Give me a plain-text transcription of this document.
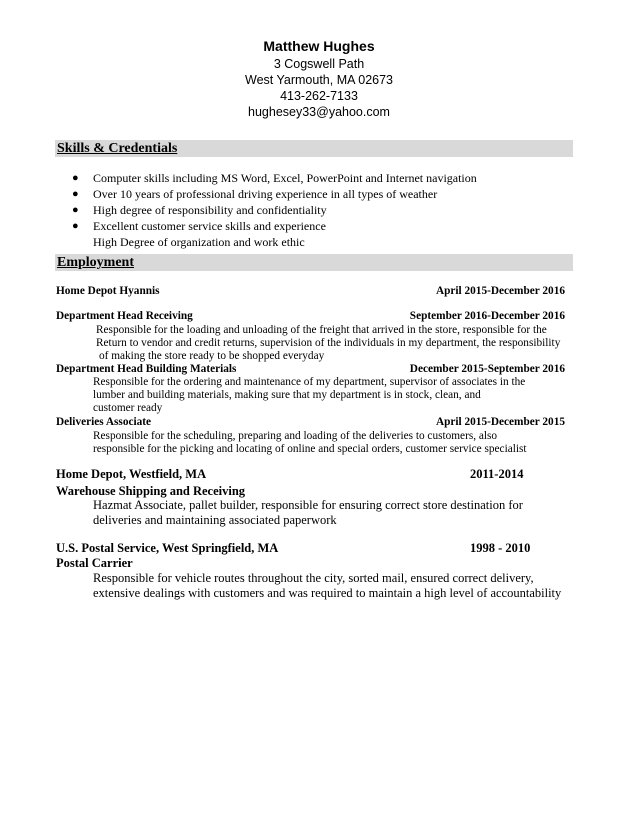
Matthew Hughes
3 Cogswell Path
West Yarmouth, MA 02673
413-262-7133
hughesey33@yahoo.com
Skills & Credentials
●	Computer skills including MS Word, Excel, PowerPoint and Internet navigation
●	Over 10 years of professional driving experience in all types of weather
●	High degree of responsibility and confidentiality
●	Excellent customer service skills and experience
High Degree of organization and work ethic
Employment
Home Depot Hyannis	April 2015-December 2016
Department Head Receiving	September 2016-December 2016
Responsible for the loading and unloading of the freight that arrived in the store, responsible for the
Return to vendor and credit returns, supervision of the individuals in my department, the responsibility
of making the store ready to be shopped everyday
Department Head Building Materials	December 2015-September 2016
Responsible for the ordering and maintenance of my department, supervisor of associates in the
lumber and building materials, making sure that my department is in stock, clean, and
customer ready
Deliveries Associate	April 2015-December 2015
Responsible for the scheduling, preparing and loading of the deliveries to customers, also
responsible for the picking and locating of online and special orders, customer service specialist
Home Depot, Westfield, MA	2011-2014
Warehouse Shipping and Receiving
Hazmat Associate, pallet builder, responsible for ensuring correct store destination for
deliveries and maintaining associated paperwork
U.S. Postal Service, West Springfield, MA	1998 - 2010
Postal Carrier
Responsible for vehicle routes throughout the city, sorted mail, ensured correct delivery,
extensive dealings with customers and was required to maintain a high level of accountability
